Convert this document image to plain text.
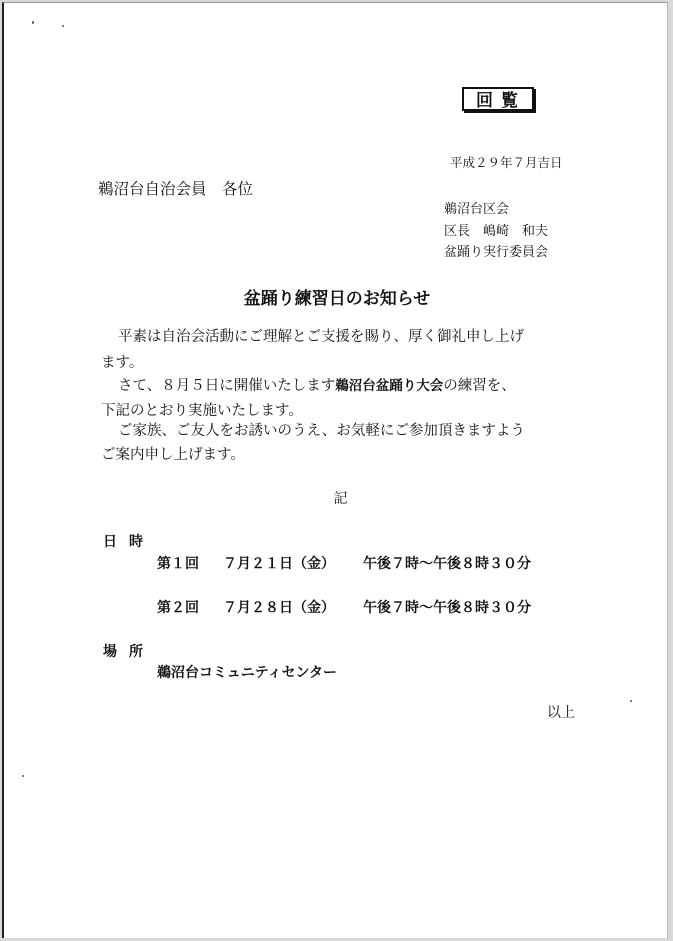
回覧
平成２９年７月吉日
鵜沼台自治会員　各位
鵜沼台区会
区長　嶋崎　和夫
盆踊り実行委員会
盆踊り練習日のお知らせ
平素は自治会活動にご理解とご支援を賜り、厚く御礼申し上げ
ます。
さて、８月５日に開催いたします鵜沼台盆踊り大会の練習を、
下記のとおり実施いたします。
ご家族、ご友人をお誘いのうえ、お気軽にご参加頂きますよう
ご案内申し上げます。
記
日時
第１回 ７月２１日（金） 午後７時～午後８時３０分
第２回 ７月２８日（金） 午後７時～午後８時３０分
場所
鵜沼台コミュニティセンター
以上
